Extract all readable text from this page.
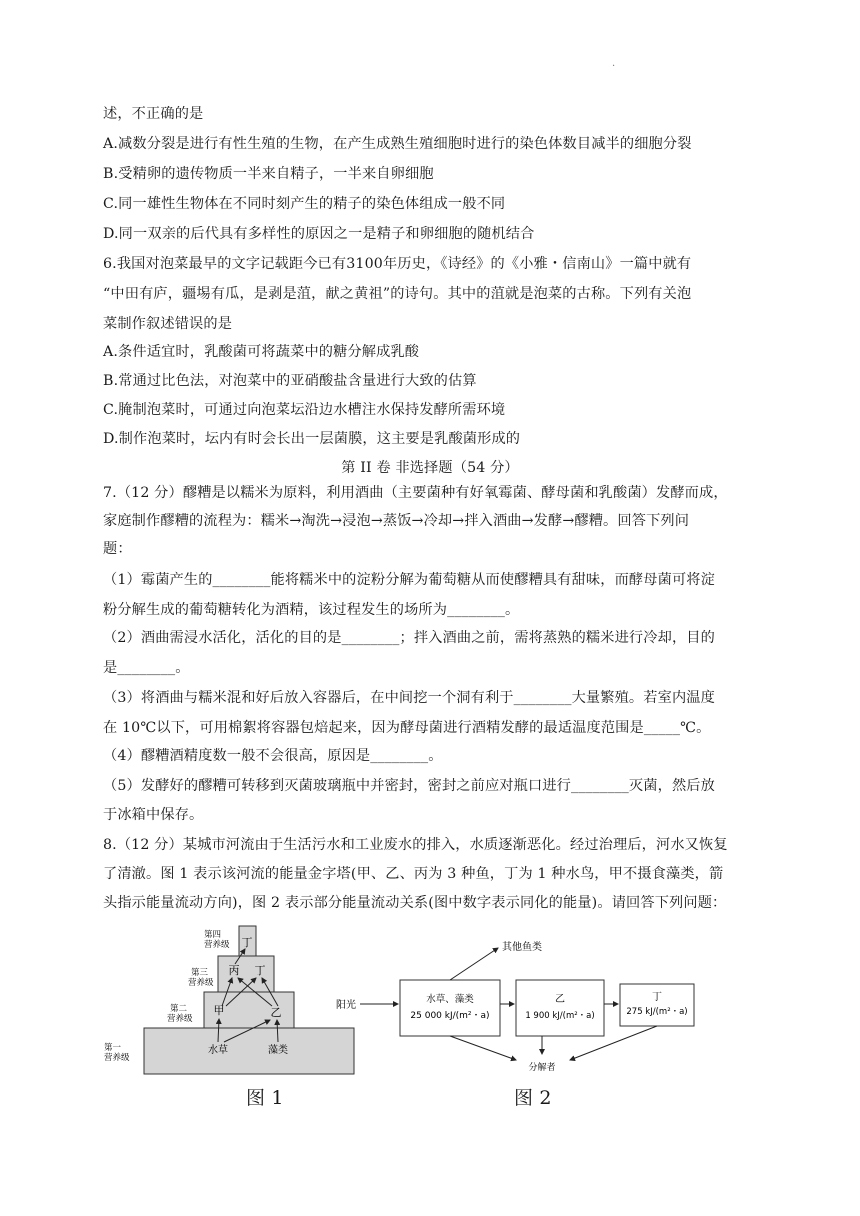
.
述，不正确的是
A.减数分裂是进行有性生殖的生物，在产生成熟生殖细胞时进行的染色体数目减半的细胞分裂
B.受精卵的遗传物质一半来自精子，一半来自卵细胞
C.同一雄性生物体在不同时刻产生的精子的染色体组成一般不同
D.同一双亲的后代具有多样性的原因之一是精子和卵细胞的随机结合
6.我国对泡菜最早的文字记载距今已有3100年历史，《诗经》的《小雅・信南山》一篇中就有
“中田有庐，疆埸有瓜，是剥是菹，献之黄祖”的诗句。其中的菹就是泡菜的古称。下列有关泡
菜制作叙述错误的是
A.条件适宜时，乳酸菌可将蔬菜中的糖分解成乳酸
B.常通过比色法，对泡菜中的亚硝酸盐含量进行大致的估算
C.腌制泡菜时，可通过向泡菜坛沿边水槽注水保持发酵所需环境
D.制作泡菜时，坛内有时会长出一层菌膜，这主要是乳酸菌形成的
第 II 卷 非选择题（54 分）
7.（12 分）醪糟是以糯米为原料，利用酒曲（主要菌种有好氧霉菌、酵母菌和乳酸菌）发酵而成，
家庭制作醪糟的流程为：糯米→淘洗→浸泡→蒸饭→冷却→拌入酒曲→发酵→醪糟。回答下列问
题：
（1）霉菌产生的________能将糯米中的淀粉分解为葡萄糖从而使醪糟具有甜味，而酵母菌可将淀
粉分解生成的葡萄糖转化为酒精，该过程发生的场所为________。
（2）酒曲需浸水活化，活化的目的是________；拌入酒曲之前，需将蒸熟的糯米进行冷却，目的
是________。
（3）将酒曲与糯米混和好后放入容器后，在中间挖一个洞有利于________大量繁殖。若室内温度
在 10℃以下，可用棉絮将容器包焙起来，因为酵母菌进行酒精发酵的最适温度范围是_____℃。
（4）醪糟酒精度数一般不会很高，原因是________。
（5）发酵好的醪糟可转移到灭菌玻璃瓶中并密封，密封之前应对瓶口进行________灭菌，然后放
于冰箱中保存。
8.（12 分）某城市河流由于生活污水和工业废水的排入，水质逐渐恶化。经过治理后，河水又恢复
了清澈。图 1 表示该河流的能量金字塔(甲、乙、丙为 3 种鱼，丁为 1 种水鸟，甲不摄食藻类，箭
头指示能量流动方向)，图 2 表示部分能量流动关系(图中数字表示同化的能量)。请回答下列问题：
第四
营养级
第三
营养级
第二
营养级
第一
营养级
丁
丙 丁
甲	乙
水草	藻类
图 1
阳光
水草、藻类
25 000 kJ/(m²・a)
乙
1 900 kJ/(m²・a)
丁
275 kJ/(m²・a)
其他鱼类
分解者
图 2
